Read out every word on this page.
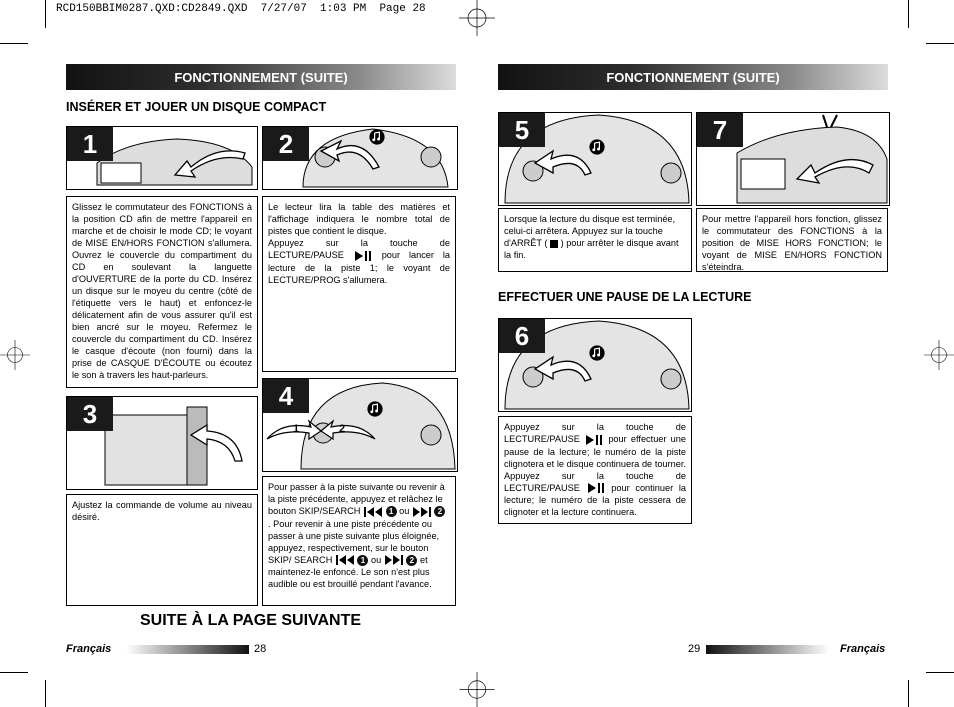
RCD150BBIM0287.QXD:CD2849.QXD  7/27/07  1:03 PM  Page 28
FONCTIONNEMENT (SUITE)
INSÉRER ET JOUER UN DISQUE COMPACT
1

Glissez le commutateur des FONCTIONS à la position CD afin de mettre l'appareil en marche et de choisir le mode CD; le voyant de MISE EN/HORS FONCTION s'allumera. Ouvrez le couvercle du compartiment du CD en soulevant la languette d'OUVERTURE de la porte du CD. Insérez un disque sur le moyeu du centre (côté de l'étiquette vers le haut) et enfoncez-le délicatement afin de vous assurer qu'il est bien ancré sur le moyeu. Refermez le couvercle du compartiment du CD. Insérez le casque d'écoute (non fourni) dans la prise de CASQUE D'ÉCOUTE ou écoutez le son à travers les haut-parleurs.

2

Le lecteur lira la table des matières et l'affichage indiquera le nombre total de pistes que contient le disque.

Appuyez sur la touche de LECTURE/PAUSE	pour lancer la lecture de la piste 1; le voyant de LECTURE/PROG s'allumera.

3

Ajustez la commande de volume au niveau désiré.

4
1	2
Pour passer à la piste suivante ou revenir à la piste précédente, appuyez et relâchez le bouton SKIP/SEARCH	1 ou	2 . Pour revenir à une piste précédente ou passer à une piste suivante plus éloignée, appuyez, respectivement, sur le bouton SKIP/ SEARCH	1 ou	2 et maintenez-le enfoncé. Le son n'est plus audible ou est brouillé pendant l'avance.
SUITE À LA PAGE SUIVANTE
Français	28
FONCTIONNEMENT (SUITE)
5
Lorsque la lecture du disque est terminée, celui-ci arrêtera. Appuyez sur la touche d'ARRÊT ( ) pour arrêter le disque avant la fin.
7

Pour mettre l'appareil hors fonction, glissez le commutateur des FONCTIONS à la position de MISE HORS FONCTION; le voyant de MISE EN/HORS FONCTION s'éteindra.

EFFECTUER UNE PAUSE DE LA LECTURE
6
Appuyez sur la touche de LECTURE/PAUSE	pour effectuer une pause de la lecture; le numéro de la piste clignotera et le disque continuera de tourner. Appuyez sur la touche de LECTURE/PAUSE	pour continuer la lecture; le numéro de la piste cessera de clignoter et la lecture continuera.
29	Français
